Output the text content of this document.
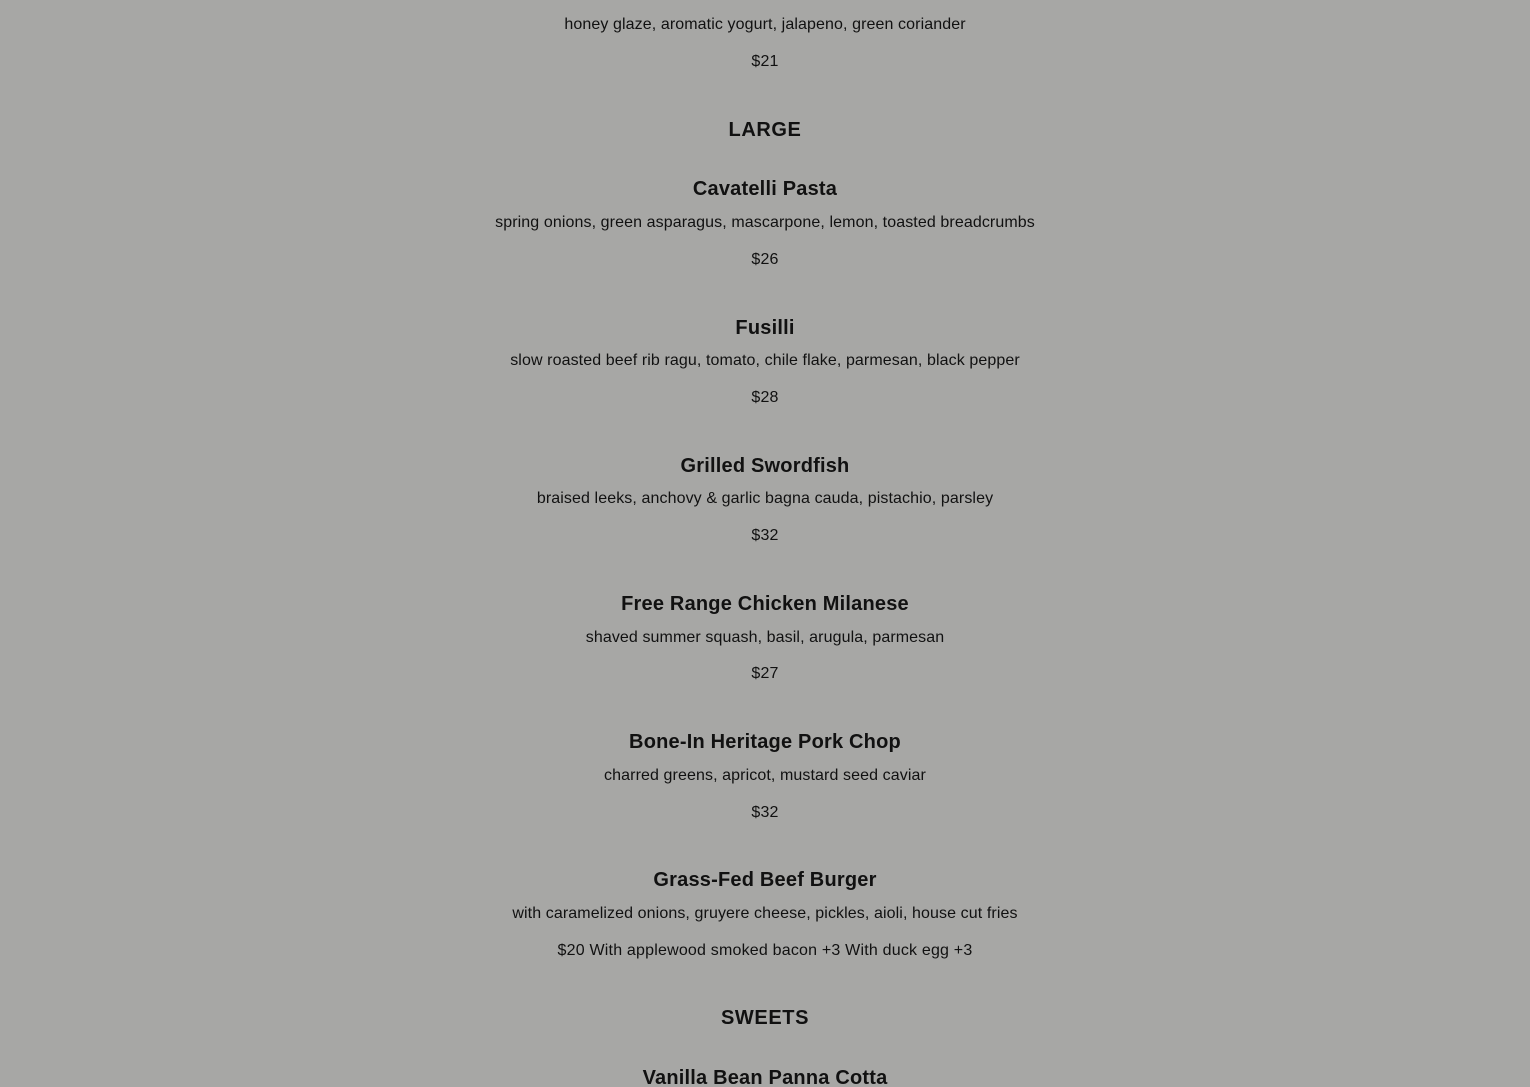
honey glaze, aromatic yogurt, jalapeno, green coriander
$21
LARGE
Cavatelli Pasta
spring onions, green asparagus, mascarpone, lemon, toasted breadcrumbs
$26
Fusilli
slow roasted beef rib ragu, tomato, chile flake, parmesan, black pepper
$28
Grilled Swordfish
braised leeks, anchovy & garlic bagna cauda, pistachio, parsley
$32
Free Range Chicken Milanese
shaved summer squash, basil, arugula, parmesan
$27
Bone-In Heritage Pork Chop
charred greens, apricot, mustard seed caviar
$32
Grass-Fed Beef Burger
with caramelized onions, gruyere cheese, pickles, aioli, house cut fries
$20 With applewood smoked bacon +3 With duck egg +3
SWEETS
Vanilla Bean Panna Cotta
